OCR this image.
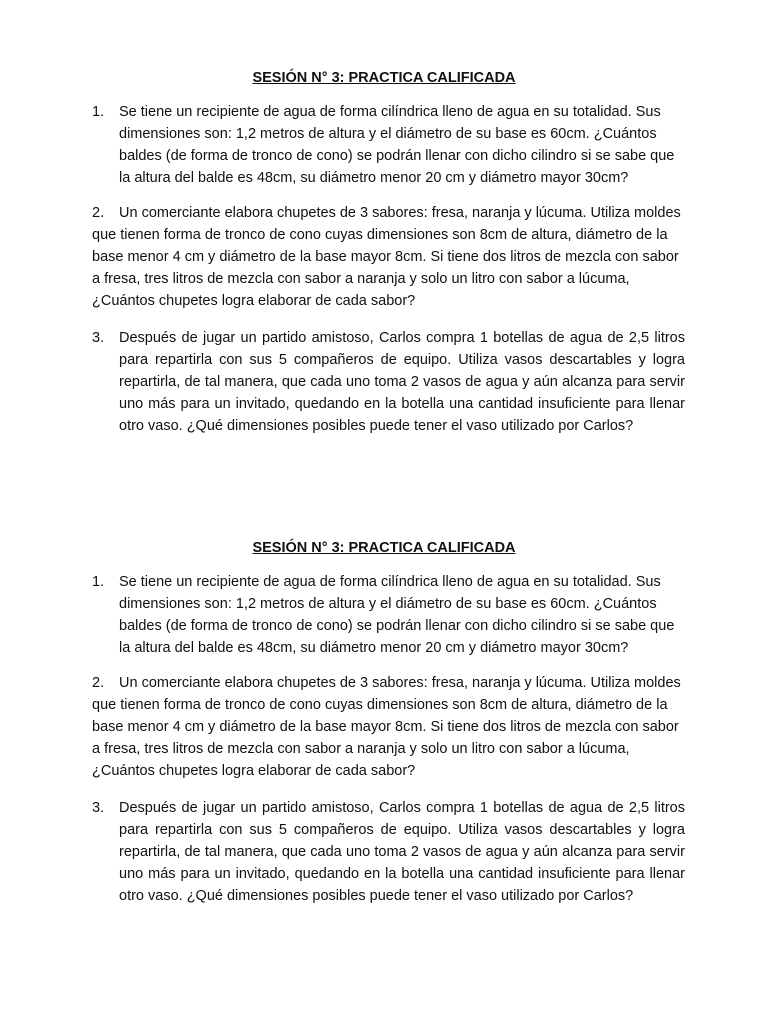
SESIÓN N° 3: PRACTICA CALIFICADA
1. Se tiene un recipiente de agua de forma cilíndrica lleno de agua en su totalidad. Sus dimensiones son: 1,2 metros de altura y el diámetro de su base es 60cm. ¿Cuántos baldes (de forma de tronco de cono) se podrán llenar con dicho cilindro si se sabe que la altura del balde es 48cm, su diámetro menor 20 cm y diámetro mayor 30cm?
2.	Un comerciante elabora chupetes de 3 sabores: fresa, naranja y lúcuma. Utiliza moldes que tienen forma de tronco de cono cuyas dimensiones son 8cm de altura, diámetro de la base menor 4 cm y diámetro de la base mayor 8cm. Si tiene dos litros de mezcla con sabor a fresa, tres litros de mezcla con sabor a naranja y solo un litro con sabor a lúcuma, ¿Cuántos chupetes logra elaborar de cada sabor?
3. Después de jugar un partido amistoso, Carlos compra 1 botellas de agua de 2,5 litros para repartirla con sus 5 compañeros de equipo. Utiliza vasos descartables y logra repartirla, de tal manera, que cada uno toma 2 vasos de agua y aún alcanza para servir uno más para un invitado, quedando en la botella una cantidad insuficiente para llenar otro vaso. ¿Qué dimensiones posibles puede tener el vaso utilizado por Carlos?
SESIÓN N° 3: PRACTICA CALIFICADA
1. Se tiene un recipiente de agua de forma cilíndrica lleno de agua en su totalidad. Sus dimensiones son: 1,2 metros de altura y el diámetro de su base es 60cm. ¿Cuántos baldes (de forma de tronco de cono) se podrán llenar con dicho cilindro si se sabe que la altura del balde es 48cm, su diámetro menor 20 cm y diámetro mayor 30cm?
2.	Un comerciante elabora chupetes de 3 sabores: fresa, naranja y lúcuma. Utiliza moldes que tienen forma de tronco de cono cuyas dimensiones son 8cm de altura, diámetro de la base menor 4 cm y diámetro de la base mayor 8cm. Si tiene dos litros de mezcla con sabor a fresa, tres litros de mezcla con sabor a naranja y solo un litro con sabor a lúcuma, ¿Cuántos chupetes logra elaborar de cada sabor?
3. Después de jugar un partido amistoso, Carlos compra 1 botellas de agua de 2,5 litros para repartirla con sus 5 compañeros de equipo. Utiliza vasos descartables y logra repartirla, de tal manera, que cada uno toma 2 vasos de agua y aún alcanza para servir uno más para un invitado, quedando en la botella una cantidad insuficiente para llenar otro vaso. ¿Qué dimensiones posibles puede tener el vaso utilizado por Carlos?
